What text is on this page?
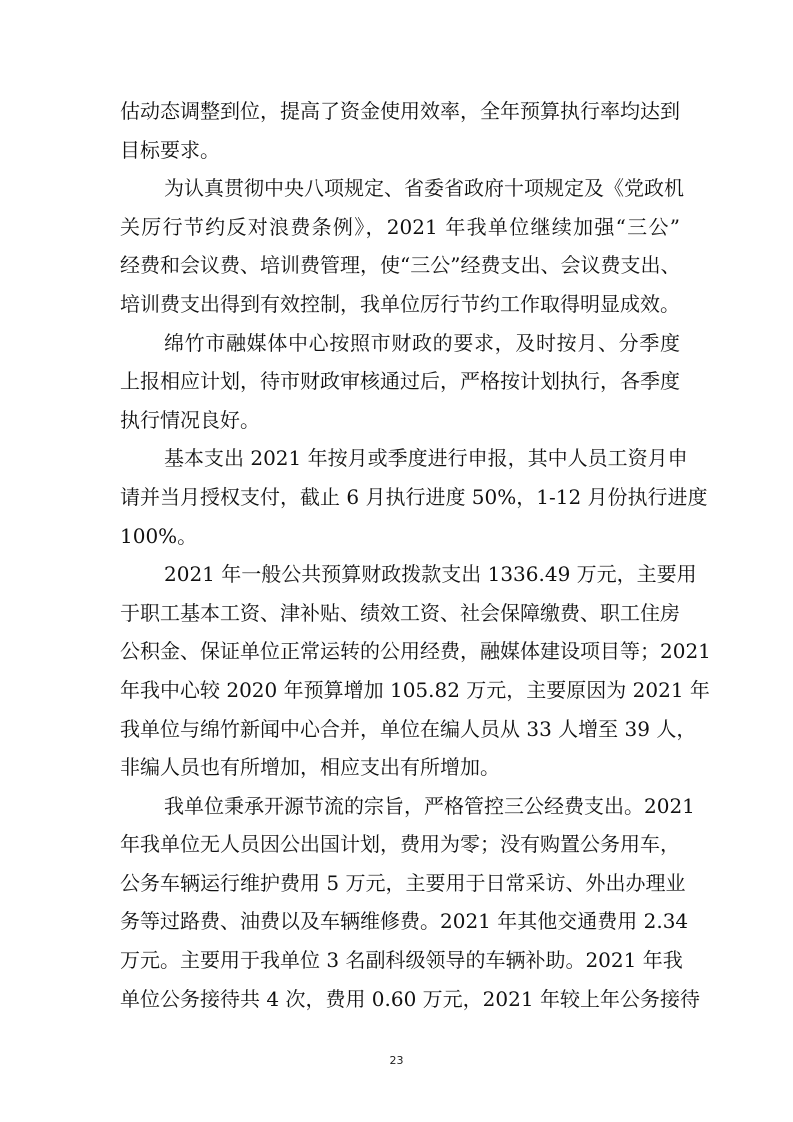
估动态调整到位，提高了资金使用效率，全年预算执行率均达到
目标要求。
为认真贯彻中央八项规定、省委省政府十项规定及《党政机
关厉行节约反对浪费条例》，2021 年我单位继续加强“三公”
经费和会议费、培训费管理，使“三公”经费支出、会议费支出、
培训费支出得到有效控制，我单位厉行节约工作取得明显成效。
绵竹市融媒体中心按照市财政的要求，及时按月、分季度
上报相应计划，待市财政审核通过后，严格按计划执行，各季度
执行情况良好。
基本支出 2021 年按月或季度进行申报，其中人员工资月申
请并当月授权支付，截止 6 月执行进度 50%，1-12 月份执行进度
100%。
2021 年一般公共预算财政拨款支出 1336.49 万元，主要用
于职工基本工资、津补贴、绩效工资、社会保障缴费、职工住房
公积金、保证单位正常运转的公用经费，融媒体建设项目等；2021
年我中心较 2020 年预算增加 105.82 万元，主要原因为 2021 年
我单位与绵竹新闻中心合并，单位在编人员从 33 人增至 39 人，
非编人员也有所增加，相应支出有所增加。
我单位秉承开源节流的宗旨，严格管控三公经费支出。2021
年我单位无人员因公出国计划，费用为零；没有购置公务用车，
公务车辆运行维护费用 5 万元，主要用于日常采访、外出办理业
务等过路费、油费以及车辆维修费。2021 年其他交通费用 2.34
万元。主要用于我单位 3 名副科级领导的车辆补助。2021 年我
单位公务接待共 4 次，费用 0.60 万元，2021 年较上年公务接待
23
